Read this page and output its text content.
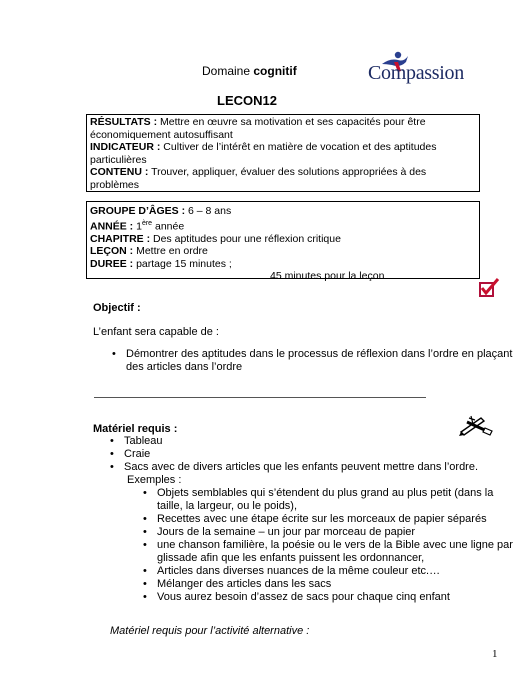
Domaine cognitif
LECON12
Compassion
RÉSULTATS : Mettre en œuvre sa motivation et ses capacités pour être
économiquement autosuffisant
INDICATEUR : Cultiver de l’intérêt en matière de vocation et des aptitudes
particulières
CONTENU : Trouver, appliquer, évaluer des solutions appropriées à des
problèmes
GROUPE D’ÂGES : 6 – 8 ans
ANNÉE : 1ère année
CHAPITRE : Des aptitudes pour une réflexion critique
LEÇON : Mettre en ordre
DUREE : partage 15 minutes ;
45 minutes pour la leçon
Objectif :
L’enfant sera capable de :
• Démontrer des aptitudes dans le processus de réflexion dans l’ordre en plaçant
des articles dans l’ordre
Matériel requis :
• Tableau
• Craie
• Sacs avec de divers articles que les enfants peuvent mettre dans l’ordre.
Exemples :
• Objets semblables qui s’étendent du plus grand au plus petit (dans la
taille, la largeur, ou le poids),
• Recettes avec une étape écrite sur les morceaux de papier séparés
• Jours de la semaine – un jour par morceau de papier
• une chanson familière, la poésie ou le vers de la Bible avec une ligne par
glissade afin que les enfants puissent les ordonnancer,
• Articles dans diverses nuances de la même couleur etc.…
• Mélanger des articles dans les sacs
• Vous aurez besoin d’assez de sacs pour chaque cinq enfant
Matériel requis pour l’activité alternative :
1
